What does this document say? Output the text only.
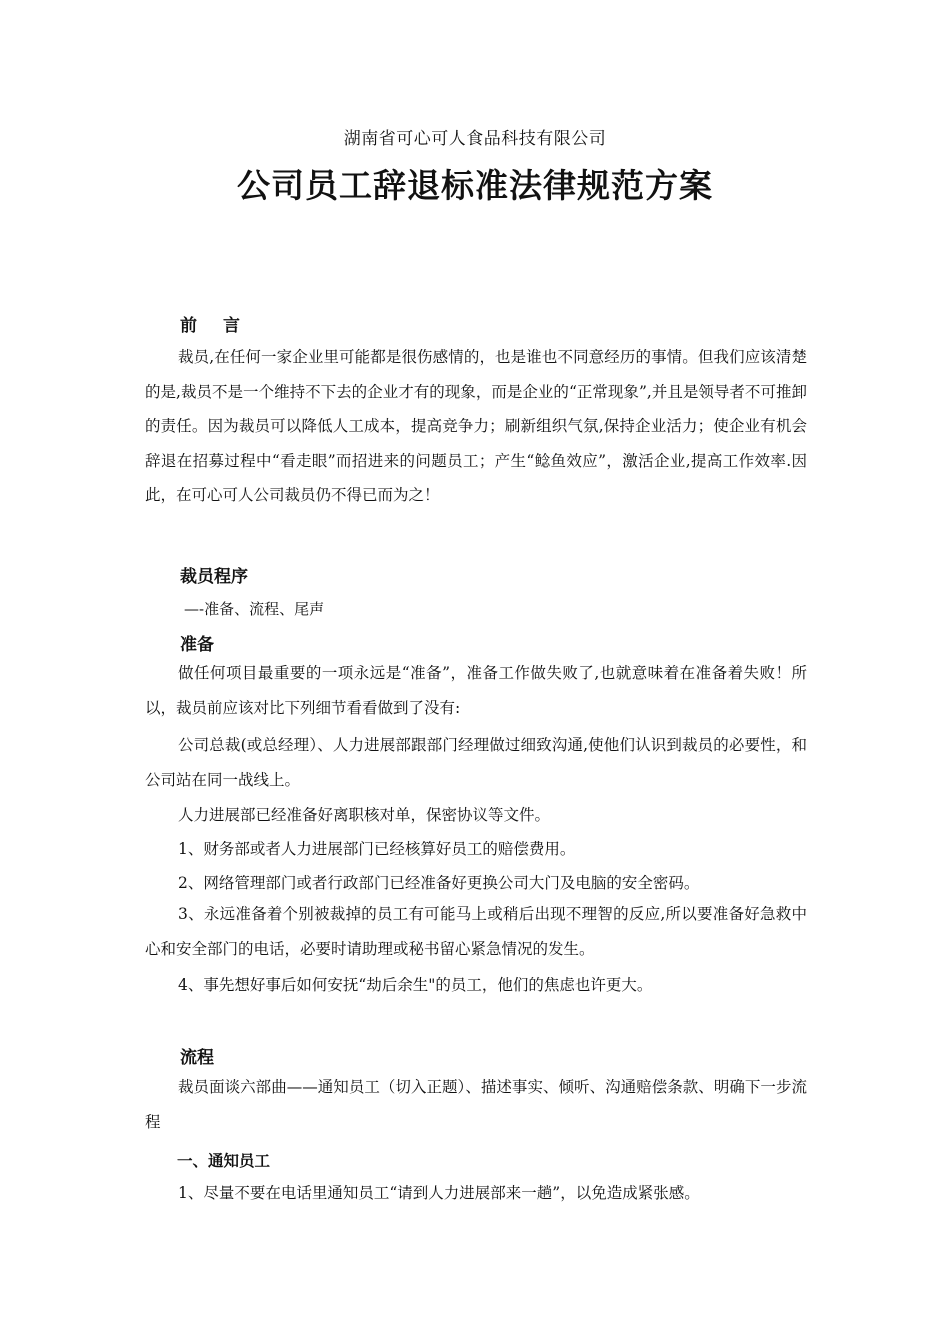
湖南省可心可人食品科技有限公司
公司员工辞退标准法律规范方案
前言

裁员,在任何一家企业里可能都是很伤感情的，也是谁也不同意经历的事情。但我们应该清楚的是,裁员不是一个维持不下去的企业才有的现象，而是企业的“正常现象”,并且是领导者不可推卸的责任。因为裁员可以降低人工成本，提高竞争力；刷新组织气氛,保持企业活力；使企业有机会辞退在招募过程中“看走眼”而招进来的问题员工；产生“鲶鱼效应”，激活企业,提高工作效率.因此，在可心可人公司裁员仍不得已而为之！

裁员程序
—-准备、流程、尾声
准备

做任何项目最重要的一项永远是“准备”，准备工作做失败了,也就意味着在准备着失败！所以，裁员前应该对比下列细节看看做到了没有:

公司总裁(或总经理）、人力进展部跟部门经理做过细致沟通,使他们认识到裁员的必要性，和公司站在同一战线上。

人力进展部已经准备好离职核对单，保密协议等文件。

1、财务部或者人力进展部门已经核算好员工的赔偿费用。

2、网络管理部门或者行政部门已经准备好更换公司大门及电脑的安全密码。

3、永远准备着个别被裁掉的员工有可能马上或稍后出现不理智的反应,所以要准备好急救中心和安全部门的电话，必要时请助理或秘书留心紧急情况的发生。

4、事先想好事后如何安抚“劫后余生"的员工，他们的焦虑也许更大。

流程

裁员面谈六部曲——通知员工（切入正题）、描述事实、倾听、沟通赔偿条款、明确下一步流程

一、通知员工

1、尽量不要在电话里通知员工“请到人力进展部来一趟”，以免造成紧张感。
